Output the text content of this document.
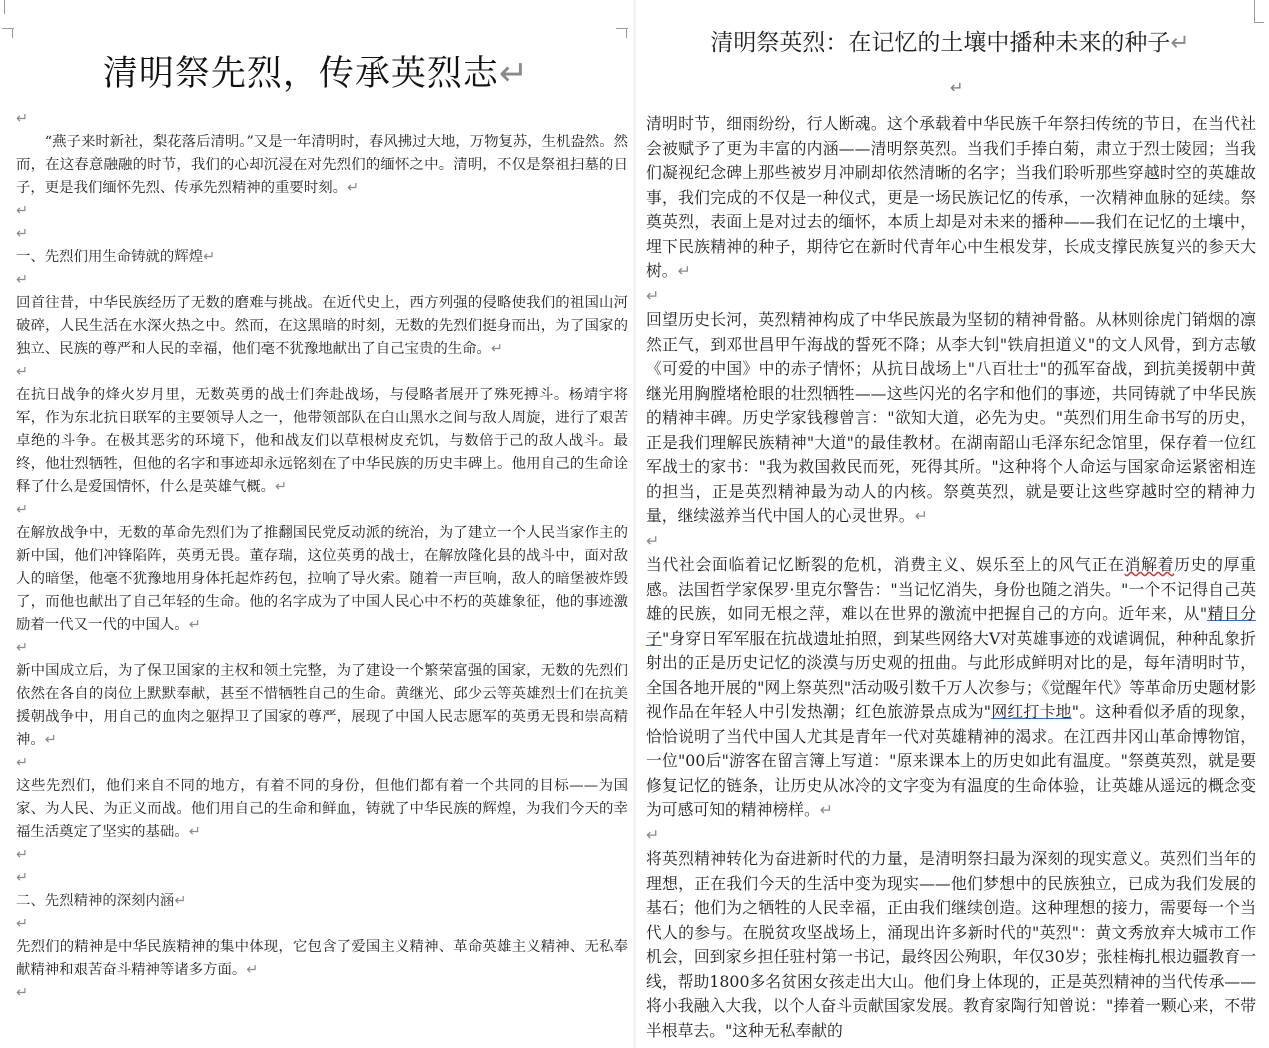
清明祭先烈，传承英烈志↵

↵

“燕子来时新社，梨花落后清明。”又是一年清明时，春风拂过大地，万物复苏，生机盎然。然而，在这春意融融的时节，我们的心却沉浸在对先烈们的缅怀之中。清明，不仅是祭祖扫墓的日子，更是我们缅怀先烈、传承先烈精神的重要时刻。↵

↵

↵

一、先烈们用生命铸就的辉煌↵

↵

回首往昔，中华民族经历了无数的磨难与挑战。在近代史上，西方列强的侵略使我们的祖国山河破碎，人民生活在水深火热之中。然而，在这黑暗的时刻，无数的先烈们挺身而出，为了国家的独立、民族的尊严和人民的幸福，他们毫不犹豫地献出了自己宝贵的生命。↵

↵

在抗日战争的烽火岁月里，无数英勇的战士们奔赴战场，与侵略者展开了殊死搏斗。杨靖宇将军，作为东北抗日联军的主要领导人之一，他带领部队在白山黑水之间与敌人周旋，进行了艰苦卓绝的斗争。在极其恶劣的环境下，他和战友们以草根树皮充饥，与数倍于己的敌人战斗。最终，他壮烈牺牲，但他的名字和事迹却永远铭刻在了中华民族的历史丰碑上。他用自己的生命诠释了什么是爱国情怀，什么是英雄气概。↵

↵

在解放战争中，无数的革命先烈们为了推翻国民党反动派的统治，为了建立一个人民当家作主的新中国，他们冲锋陷阵，英勇无畏。董存瑞，这位英勇的战士，在解放隆化县的战斗中，面对敌人的暗堡，他毫不犹豫地用身体托起炸药包，拉响了导火索。随着一声巨响，敌人的暗堡被炸毁了，而他也献出了自己年轻的生命。他的名字成为了中国人民心中不朽的英雄象征，他的事迹激励着一代又一代的中国人。↵

↵

新中国成立后，为了保卫国家的主权和领土完整，为了建设一个繁荣富强的国家，无数的先烈们依然在各自的岗位上默默奉献，甚至不惜牺牲自己的生命。黄继光、邱少云等英雄烈士们在抗美援朝战争中，用自己的血肉之躯捍卫了国家的尊严，展现了中国人民志愿军的英勇无畏和崇高精神。↵

↵

这些先烈们，他们来自不同的地方，有着不同的身份，但他们都有着一个共同的目标——为国家、为人民、为正义而战。他们用自己的生命和鲜血，铸就了中华民族的辉煌，为我们今天的幸福生活奠定了坚实的基础。↵

↵

↵

二、先烈精神的深刻内涵↵

↵

先烈们的精神是中华民族精神的集中体现，它包含了爱国主义精神、革命英雄主义精神、无私奉献精神和艰苦奋斗精神等诸多方面。↵

↵

清明祭英烈：在记忆的土壤中播种未来的种子↵
↵

清明时节，细雨纷纷，行人断魂。这个承载着中华民族千年祭扫传统的节日，在当代社会被赋予了更为丰富的内涵——清明祭英烈。当我们手捧白菊，肃立于烈士陵园；当我们凝视纪念碑上那些被岁月冲刷却依然清晰的名字；当我们聆听那些穿越时空的英雄故事，我们完成的不仅是一种仪式，更是一场民族记忆的传承，一次精神血脉的延续。祭奠英烈，表面上是对过去的缅怀，本质上却是对未来的播种——我们在记忆的土壤中，埋下民族精神的种子，期待它在新时代青年心中生根发芽，长成支撑民族复兴的参天大树。↵

↵

回望历史长河，英烈精神构成了中华民族最为坚韧的精神骨骼。从林则徐虎门销烟的凛然正气，到邓世昌甲午海战的誓死不降；从李大钊"铁肩担道义"的文人风骨，到方志敏《可爱的中国》中的赤子情怀；从抗日战场上"八百壮士"的孤军奋战，到抗美援朝中黄继光用胸膛堵枪眼的壮烈牺牲——这些闪光的名字和他们的事迹，共同铸就了中华民族的精神丰碑。历史学家钱穆曾言："欲知大道，必先为史。"英烈们用生命书写的历史，正是我们理解民族精神"大道"的最佳教材。在湖南韶山毛泽东纪念馆里，保存着一位红军战士的家书："我为救国救民而死，死得其所。"这种将个人命运与国家命运紧密相连的担当，正是英烈精神最为动人的内核。祭奠英烈，就是要让这些穿越时空的精神力量，继续滋养当代中国人的心灵世界。↵

↵

当代社会面临着记忆断裂的危机，消费主义、娱乐至上的风气正在消解着历史的厚重感。法国哲学家保罗·里克尔警告："当记忆消失，身份也随之消失。"一个不记得自己英雄的民族，如同无根之萍，难以在世界的激流中把握自己的方向。近年来，从"精日分子"身穿日军军服在抗战遗址拍照，到某些网络大V对英雄事迹的戏谑调侃，种种乱象折射出的正是历史记忆的淡漠与历史观的扭曲。与此形成鲜明对比的是，每年清明时节，全国各地开展的"网上祭英烈"活动吸引数千万人次参与；《觉醒年代》等革命历史题材影视作品在年轻人中引发热潮；红色旅游景点成为"网红打卡地"。这种看似矛盾的现象，恰恰说明了当代中国人尤其是青年一代对英雄精神的渴求。在江西井冈山革命博物馆，一位"00后"游客在留言簿上写道："原来课本上的历史如此有温度。"祭奠英烈，就是要修复记忆的链条，让历史从冰冷的文字变为有温度的生命体验，让英雄从遥远的概念变为可感可知的精神榜样。↵

↵

将英烈精神转化为奋进新时代的力量，是清明祭扫最为深刻的现实意义。英烈们当年的理想，正在我们今天的生活中变为现实——他们梦想中的民族独立，已成为我们发展的基石；他们为之牺牲的人民幸福，正由我们继续创造。这种理想的接力，需要每一个当代人的参与。在脱贫攻坚战场上，涌现出许多新时代的"英烈"：黄文秀放弃大城市工作机会，回到家乡担任驻村第一书记，最终因公殉职，年仅30岁；张桂梅扎根边疆教育一线，帮助1800多名贫困女孩走出大山。他们身上体现的，正是英烈精神的当代传承——将小我融入大我，以个人奋斗贡献国家发展。教育家陶行知曾说："捧着一颗心来，不带半根草去。"这种无私奉献的
